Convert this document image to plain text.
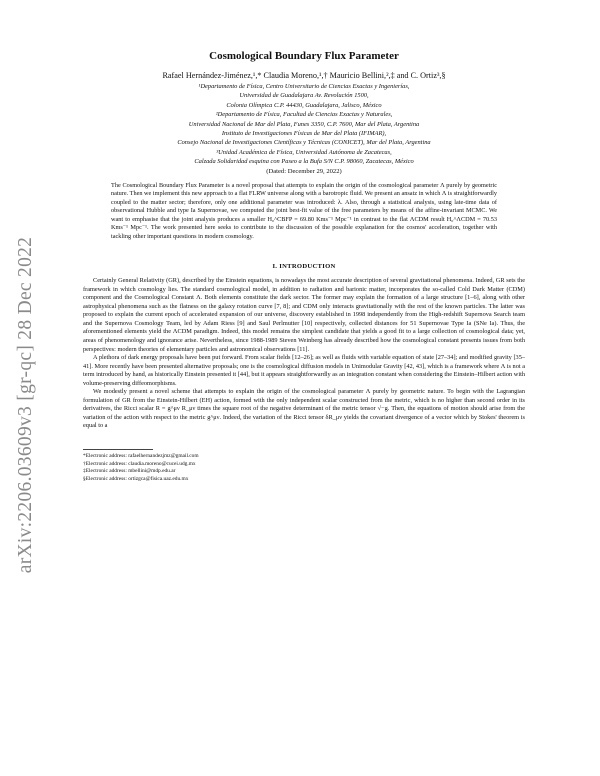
arXiv:2206.03609v3 [gr-qc] 28 Dec 2022
Cosmological Boundary Flux Parameter
Rafael Hernández-Jiménez,¹,* Claudia Moreno,¹,† Mauricio Bellini,²,‡ and C. Ortiz³,§
¹Departamento de Física, Centro Universitario de Ciencias Exactas y Ingenierías,
Universidad de Guadalajara Av. Revolución 1500,
Colonia Olímpica C.P. 44430, Guadalajara, Jalisco, México
²Departamento de Física, Facultad de Ciencias Exactas y Naturales,
Universidad Nacional de Mar del Plata, Funes 3350, C.P. 7600, Mar del Plata, Argentina
Instituto de Investigaciones Físicas de Mar del Plata (IFIMAR),
Consejo Nacional de Investigaciones Científicas y Técnicas (CONICET), Mar del Plata, Argentina
³Unidad Académica de Física, Universidad Autónoma de Zacatecas,
Calzada Solidaridad esquina con Paseo a la Bufa S/N C.P. 98060, Zacatecas, México
(Dated: December 29, 2022)
The Cosmological Boundary Flux Parameter is a novel proposal that attempts to explain the origin of the cosmological parameter Λ purely by geometric nature. Then we implement this new approach to a flat FLRW universe along with a barotropic fluid. We present an ansatz in which Λ is straightforwardly coupled to the matter sector; therefore, only one additional parameter was introduced: λ. Also, through a statistical analysis, using late-time data of observational Hubble and type Ia Supernovae, we computed the joint best-fit value of the free parameters by means of the affine-invariant MCMC. We want to emphasise that the joint analysis produces a smaller H₀^CBFP = 69.80 Kms⁻¹ Mpc⁻¹ in contrast to the flat ΛCDM result H₀^ΛCDM = 70.53 Kms⁻¹ Mpc⁻¹. The work presented here seeks to contribute to the discussion of the possible explanation for the cosmos' acceleration, together with tackling other important questions in modern cosmology.
I. INTRODUCTION

Certainly General Relativity (GR), described by the Einstein equations, is nowadays the most accurate description of several gravitational phenomena. Indeed, GR sets the framework in which cosmology lies. The standard cosmological model, in addition to radiation and barionic matter, incorporates the so-called Cold Dark Matter (CDM) component and the Cosmological Constant Λ. Both elements constitute the dark sector. The former may explain the formation of a large structure [1–6], along with other astrophysical phenomena such as the flatness on the galaxy rotation curve [7, 8]; and CDM only interacts gravitationally with the rest of the known particles. The latter was proposed to explain the current epoch of accelerated expansion of our universe, discovery established in 1998 independently from the High-redshift Supernova Search team and the Supernova Cosmology Team, led by Adam Riess [9] and Saul Perlmutter [10] respectively, collected distances for 51 Supernovae Type Ia (SNe Ia). Thus, the aforementioned elements yield the ΛCDM paradigm. Indeed, this model remains the simplest candidate that yields a good fit to a large collection of cosmological data; yet, areas of phenomenology and ignorance arise. Nevertheless, since 1988-1989 Steven Weinberg has already described how the cosmological constant presents issues from both perspectives: modern theories of elementary particles and astronomical observations [11].

A plethora of dark energy proposals have been put forward. From scalar fields [12–26]; as well as fluids with variable equation of state [27–34]; and modified gravity [35–41]. More recently have been presented alternative proposals; one is the cosmological diffusion models in Unimodular Gravity [42, 43], which is a framework where Λ is not a term introduced by hand, as historically Einstein presented it [44], but it appears straightforwardly as an integration constant when considering the Einstein–Hilbert action with volume-preserving diffeomorphisms.

We modestly present a novel scheme that attempts to explain the origin of the cosmological parameter Λ purely by geometric nature. To begin with the Lagrangian formulation of GR from the Einstein-Hilbert (EH) action, formed with the only independent scalar constructed from the metric, which is no higher than second order in its derivatives, the Ricci scalar R = g^μν R_μν times the square root of the negative determinant of the metric tensor √−g. Then, the equations of motion should arise from the variation of the action with respect to the metric g^μν. Indeed, the variation of the Ricci tensor δR_μν yields the covariant divergence of a vector which by Stokes' theorem is equal to a

*Electronic address: rafaelhernandezjmz@gmail.com
†Electronic address: claudia.moreno@cucei.udg.mx
‡Electronic address: mbellini@mdp.edu.ar
§Electronic address: ortizgca@fisica.uaz.edu.mx
